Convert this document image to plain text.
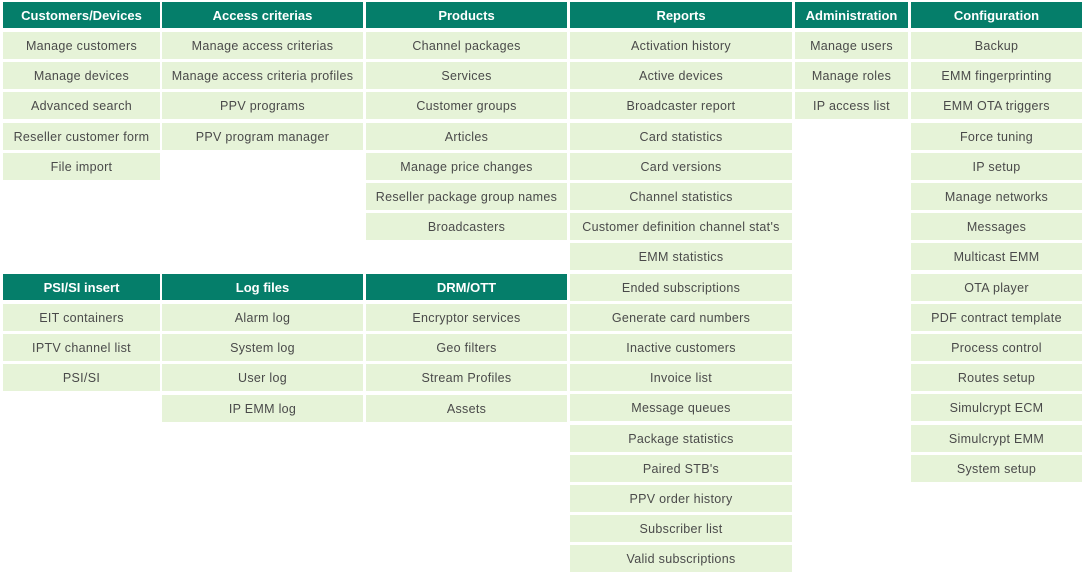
Customers/Devices
Manage customers
Manage devices
Advanced search
Reseller customer form
File import
Access criterias
Manage access criterias
Manage access criteria profiles
PPV programs
PPV program manager
Products
Channel packages
Services
Customer groups
Articles
Manage price changes
Reseller package group names
Broadcasters
Reports
Activation history
Active devices
Broadcaster report
Card statistics
Card versions
Channel statistics
Customer definition channel stat's
EMM statistics
Ended subscriptions
Generate card numbers
Inactive customers
Invoice list
Message queues
Package statistics
Paired STB's
PPV order history
Subscriber list
Valid subscriptions
Administration
Manage users
Manage roles
IP access list
Configuration
Backup
EMM fingerprinting
EMM OTA triggers
Force tuning
IP setup
Manage networks
Messages
Multicast EMM
OTA player
PDF contract template
Process control
Routes setup
Simulcrypt ECM
Simulcrypt EMM
System setup
PSI/SI insert
EIT containers
IPTV channel list
PSI/SI
Log files
Alarm log
System log
User log
IP EMM log
DRM/OTT
Encryptor services
Geo filters
Stream Profiles
Assets
